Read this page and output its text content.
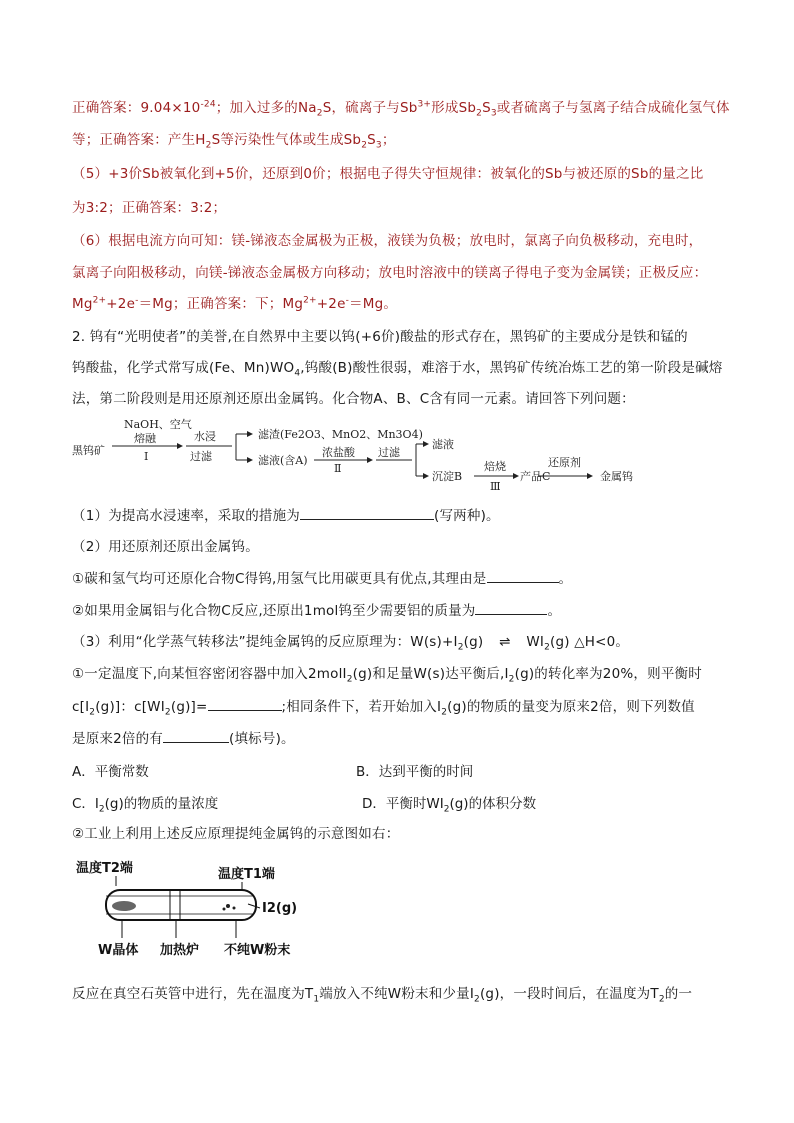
正确答案：$9.04\times 10^{-24}$；加入过多的$Na_2S$，硫离子与$Sb^{3+}$形成$Sb_2S_3$或者硫离子与氢离子结合成硫化氢气体
等；正确答案：产生$H_2S$等污染性气体或生成$Sb_2S_3$；
（5）+3价Sb被氧化到+5价，还原到0价；根据电子得失守恒规律：被氧化的Sb与被还原的Sb的量之比
为3:2；正确答案：3:2；
（6）根据电流方向可知：镁-锑液态金属极为正极，液镁为负极；放电时，氯离子向负极移动，充电时，
氯离子向阳极移动，向镁-锑液态金属极方向移动；放电时溶液中的镁离子得电子变为金属镁；正极反应：
$Mg^{2+}+2e^-=Mg$；正确答案：下；$Mg^{2+}+2e^-=Mg$。
2. 钨有“光明使者”的美誉,在自然界中主要以钨(+6价)酸盐的形式存在，黑钨矿的主要成分是铁和锰的
钨酸盐，化学式常写成(Fe、$Mn)WO_4$,钨酸(B)酸性很弱，难溶于水，黑钨矿传统冶炼工艺的第一阶段是碱熔
法，第二阶段则是用还原剂还原出金属钨。化合物A、B、C含有同一元素。请回答下列问题：
黑钨矿
NaOH、空气
熔融
Ⅰ
水浸
过滤
滤渣(Fe2O3、MnO2、Mn3O4)
滤液(含A)
浓盐酸
Ⅱ
过滤
滤液
沉淀B
焙烧
Ⅲ
产品C
还原剂
金属钨
（1）为提高水浸速率，采取的措施为	(写两种)。
（2）用还原剂还原出金属钨。
①碳和氢气均可还原化合物C得钨,用氢气比用碳更具有优点,其理由是	。
②如果用金属铝与化合物C反应,还原出1mol钨至少需要铝的质量为	。
（3）利用“化学蒸气转移法”提纯金属钨的反应原理为：$W(s)+I_2(g)$ ⇌ $WI_2(g)$ △H<0。
①一定温度下,向某恒容密闭容器中加入2molI$_2$(g)和足量W(s)达平衡后$,I_2(g)$的转化率为20%，则平衡时
$c[I_2(g)]$：$c[WI_2(g)]=$	;相同条件下，若开始加入$I_2(g)$的物质的量变为原来2倍，则下列数值
是原来2倍的有	(填标号)。
A．平衡常数	B．达到平衡的时间
C．$I_2(g)$的物质的量浓度	D．平衡时$WI_2(g)$的体积分数
②工业上利用上述反应原理提纯金属钨的示意图如右：
温度T2端	温度T1端
I2(g)
W晶体 加热炉 不纯W粉末
反应在真空石英管中进行，先在温度为$T_1$端放入不纯W粉末和少量$I_2(g)$，一段时间后，在温度为$T_2$的一
